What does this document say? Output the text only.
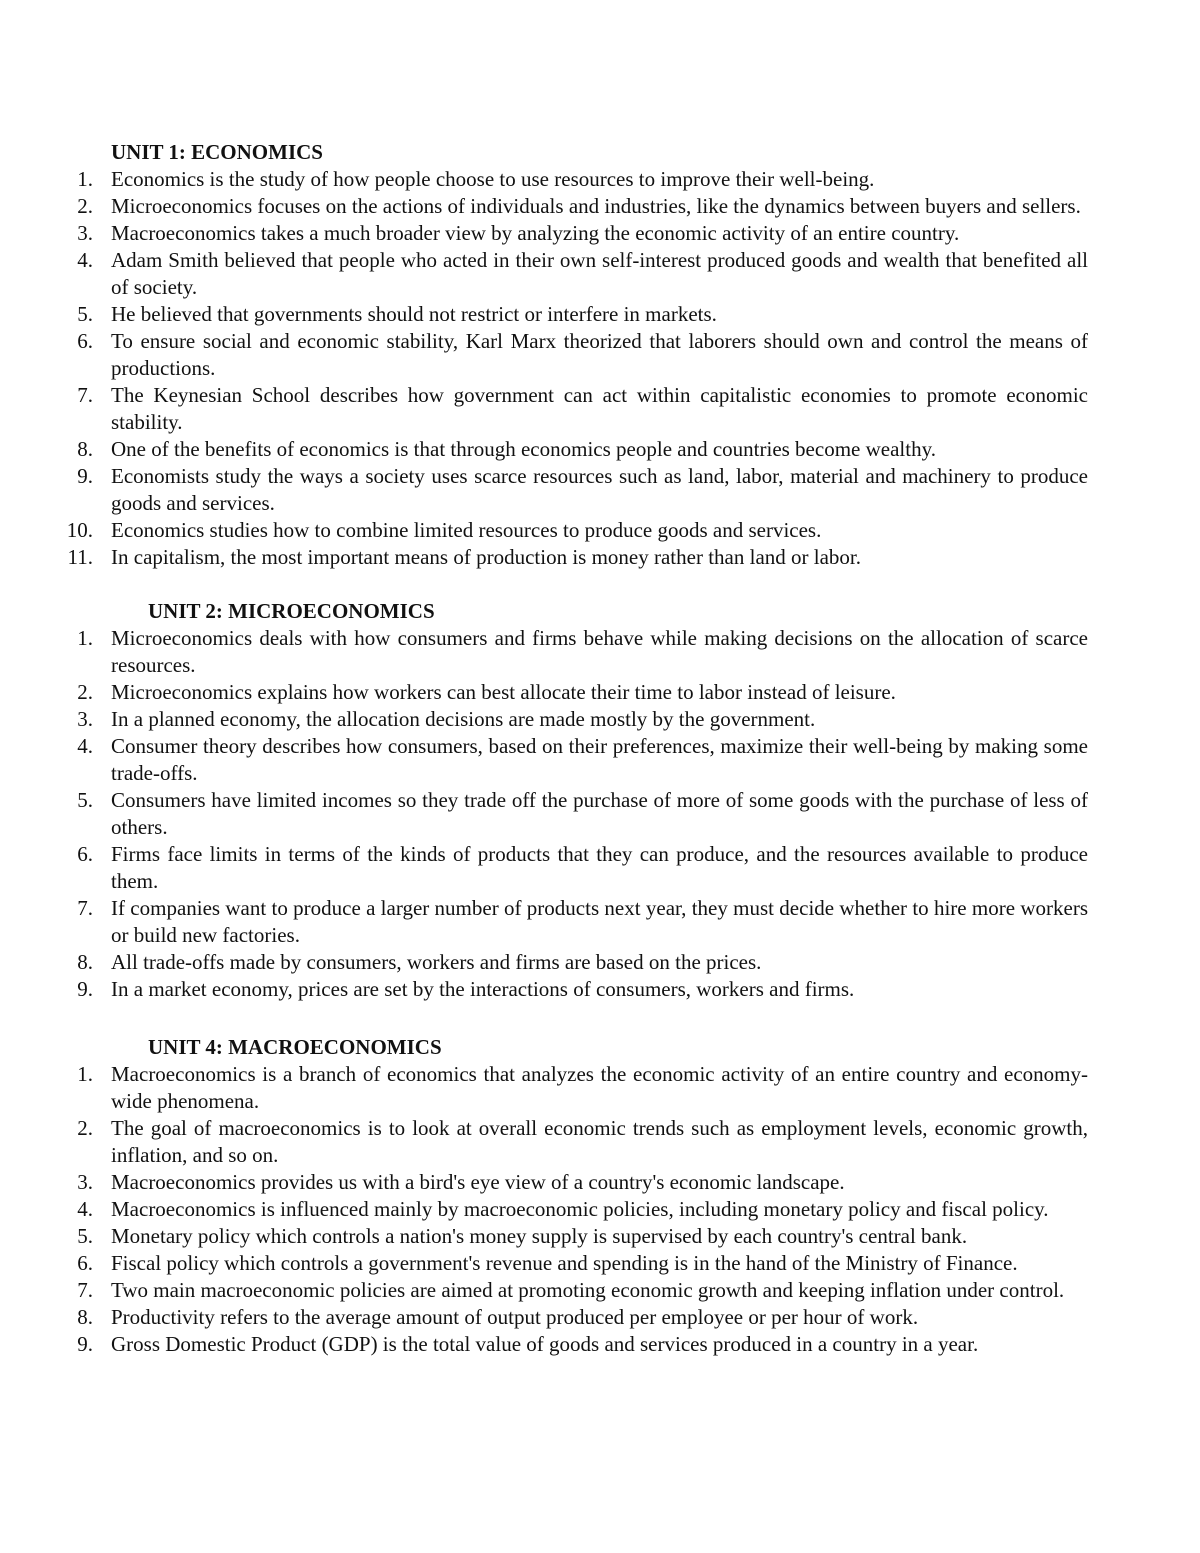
UNIT 1: ECONOMICS
1. Economics is the study of how people choose to use resources to improve their well-being.
2. Microeconomics focuses on the actions of individuals and industries, like the dynamics between buyers and sellers.
3. Macroeconomics takes a much broader view by analyzing the economic activity of an entire country.
4. Adam Smith believed that people who acted in their own self-interest produced goods and wealth that benefited all of society.
5. He believed that governments should not restrict or interfere in markets.
6. To ensure social and economic stability, Karl Marx theorized that laborers should own and control the means of productions.
7. The Keynesian School describes how government can act within capitalistic economies to promote economic stability.
8. One of the benefits of economics is that through economics people and countries become wealthy.
9. Economists study the ways a society uses scarce resources such as land, labor, material and machinery to produce goods and services.
10. Economics studies how to combine limited resources to produce goods and services.
11. In capitalism, the most important means of production is money rather than land or labor.
UNIT 2: MICROECONOMICS
1. Microeconomics deals with how consumers and firms behave while making decisions on the allocation of scarce resources.
2. Microeconomics explains how workers can best allocate their time to labor instead of leisure.
3. In a planned economy, the allocation decisions are made mostly by the government.
4. Consumer theory describes how consumers, based on their preferences, maximize their well-being by making some trade-offs.
5. Consumers have limited incomes so they trade off the purchase of more of some goods with the purchase of less of others.
6. Firms face limits in terms of the kinds of products that they can produce, and the resources available to produce them.
7. If companies want to produce a larger number of products next year, they must decide whether to hire more workers or build new factories.
8. All trade-offs made by consumers, workers and firms are based on the prices.
9. In a market economy, prices are set by the interactions of consumers, workers and firms.
UNIT 4: MACROECONOMICS
1. Macroeconomics is a branch of economics that analyzes the economic activity of an entire country and economy-wide phenomena.
2. The goal of macroeconomics is to look at overall economic trends such as employment levels, economic growth, inflation, and so on.
3. Macroeconomics provides us with a bird's eye view of a country's economic landscape.
4. Macroeconomics is influenced mainly by macroeconomic policies, including monetary policy and fiscal policy.
5. Monetary policy which controls a nation's money supply is supervised by each country's central bank.
6. Fiscal policy which controls a government's revenue and spending is in the hand of the Ministry of Finance.
7. Two main macroeconomic policies are aimed at promoting economic growth and keeping inflation under control.
8. Productivity refers to the average amount of output produced per employee or per hour of work.
9. Gross Domestic Product (GDP) is the total value of goods and services produced in a country in a year.
